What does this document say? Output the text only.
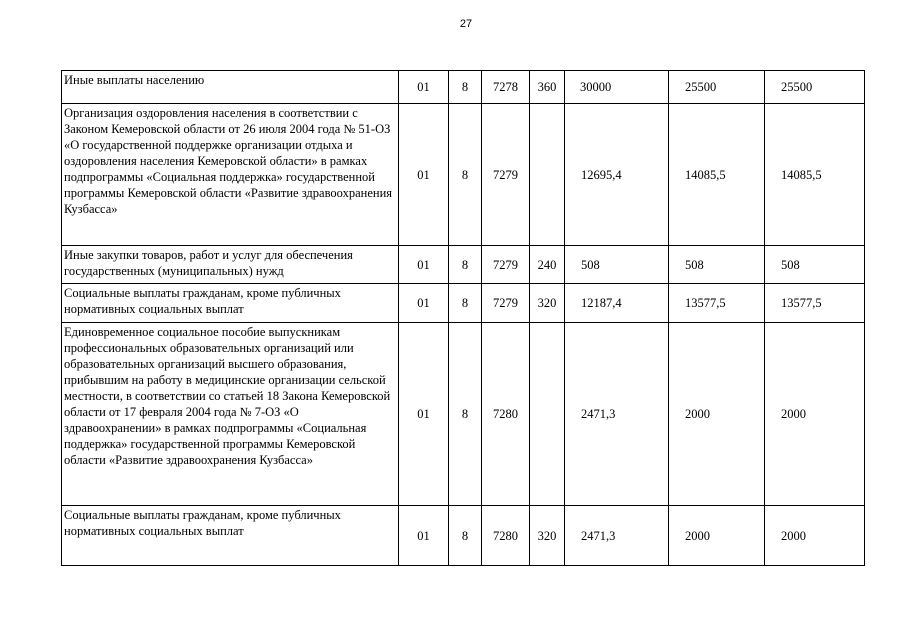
27
Иные выплаты населению	01	8	7278	360	30000	25500	25500
Организация оздоровления населения в соответствии с Законом Кемеровской области от 26 июля 2004 года № 51-ОЗ «О государственной поддержке организации отдыха и оздоровления населения Кемеровской области» в рамках подпрограммы «Социальная поддержка» государственной программы Кемеровской области «Развитие здравоохранения Кузбасса»	01	8	7279		12695,4	14085,5	14085,5
Иные закупки товаров, работ и услуг для обеспечения государственных (муниципальных) нужд	01	8	7279	240	508	508	508
Социальные выплаты гражданам, кроме публичных нормативных социальных выплат	01	8	7279	320	12187,4	13577,5	13577,5
Единовременное социальное пособие выпускникам профессиональных образовательных организаций или образовательных организаций высшего образования, прибывшим на работу в медицинские организации сельской местности, в соответствии со статьей 18 Закона Кемеровской области от 17 февраля 2004 года № 7-ОЗ «О здравоохранении» в рамках подпрограммы «Социальная поддержка» государственной программы Кемеровской области «Развитие здравоохранения Кузбасса»	01	8	7280		2471,3	2000	2000
Социальные выплаты гражданам, кроме публичных нормативных социальных выплат	01	8	7280	320	2471,3	2000	2000
